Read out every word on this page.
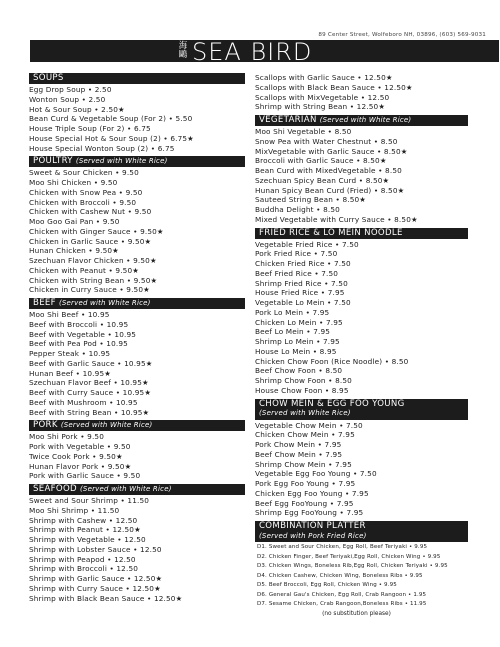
89 Center Street, Wolfeboro NH, 03896, (603) 569-9031
海鷗 SEA BIRD
SOUPS
Egg Drop Soup • 2.50
Wonton Soup • 2.50
Hot & Sour Soup • 2.50★
Bean Curd & Vegetable Soup (For 2) • 5.50
House Triple Soup (For 2) • 6.75
House Special Hot & Sour Soup (2) • 6.75★
House Special Wonton Soup (2) • 6.75
POULTRY (Served with White Rice)
Sweet & Sour Chicken • 9.50
Moo Shi Chicken • 9.50
Chicken with Snow Pea • 9.50
Chicken with Broccoli • 9.50
Chicken with Cashew Nut • 9.50
Moo Goo Gai Pan • 9.50
Chicken with Ginger Sauce • 9.50★
Chicken in Garlic Sauce • 9.50★
Hunan Chicken • 9.50★
Szechuan Flavor Chicken • 9.50★
Chicken with Peanut • 9.50★
Chicken with String Bean • 9.50★
Chicken in Curry Sauce • 9.50★
BEEF (Served with White Rice)
Moo Shi Beef • 10.95
Beef with Broccoli • 10.95
Beef with Vegetable • 10.95
Beef with Pea Pod • 10.95
Pepper Steak • 10.95
Beef with Garlic Sauce • 10.95★
Hunan Beef • 10.95★
Szechuan Flavor Beef • 10.95★
Beef with Curry Sauce • 10.95★
Beef with Mushroom • 10.95
Beef with String Bean • 10.95★
PORK (Served with White Rice)
Moo Shi Pork • 9.50
Pork with Vegetable • 9.50
Twice Cook Pork • 9.50★
Hunan Flavor Pork • 9.50★
Pork with Garlic Sauce • 9.50
SEAFOOD (Served with White Rice)
Sweet and Sour Shrimp • 11.50
Moo Shi Shrimp • 11.50
Shrimp with Cashew • 12.50
Shrimp with Peanut • 12.50★
Shrimp with Vegetable • 12.50
Shrimp with Lobster Sauce • 12.50
Shrimp with Peapod • 12.50
Shrimp with Broccoli • 12.50
Shrimp with Garlic Sauce • 12.50★
Shrimp with Curry Sauce • 12.50★
Shrimp with Black Bean Sauce • 12.50★
Scallops with Garlic Sauce • 12.50★
Scallops with Black Bean Sauce • 12.50★
Scallops with MixVegetable • 12.50
Shrimp with String Bean • 12.50★
VEGETARIAN (Served with White Rice)
Moo Shi Vegetable • 8.50
Snow Pea with Water Chestnut • 8.50
MixVegetable with Garlic Sauce • 8.50★
Broccoli with Garlic Sauce • 8.50★
Bean Curd with MixedVegetable • 8.50
Szechuan Spicy Bean Curd • 8.50★
Hunan Spicy Bean Curd (Fried) • 8.50★
Sauteed String Bean • 8.50★
Buddha Delight • 8.50
Mixed Vegetable with Curry Sauce • 8.50★
FRIED RICE & LO MEIN NOODLE
Vegetable Fried Rice • 7.50
Pork Fried Rice • 7.50
Chicken Fried Rice • 7.50
Beef Fried Rice • 7.50
Shrimp Fried Rice • 7.50
House Fried Rice • 7.95
Vegetable Lo Mein • 7.50
Pork Lo Mein • 7.95
Chicken Lo Mein • 7.95
Beef Lo Mein • 7.95
Shrimp Lo Mein • 7.95
House Lo Mein • 8.95
Chicken Chow Foon (Rice Noodle) • 8.50
Beef Chow Foon • 8.50
Shrimp Chow Foon • 8.50
House Chow Foon • 8.95
CHOW MEIN & EGG FOO YOUNG
(Served with White Rice)
Vegetable Chow Mein • 7.50
Chicken Chow Mein • 7.95
Pork Chow Mein • 7.95
Beef Chow Mein • 7.95
Shrimp Chow Mein • 7.95
Vegetable Egg Foo Young • 7.50
Pork Egg Foo Young • 7.95
Chicken Egg Foo Young • 7.95
Beef Egg FooYoung • 7.95
Shrimp Egg FooYoung • 7.95
COMBINATION PLATTER
(Served with Pork Fried Rice)
D1. Sweet and Sour Chicken, Egg Roll, Beef Teriyaki • 9.95
D2. Chicken Finger, Beef Teriyaki,Egg Roll, Chicken Wing • 9.95
D3. Chicken Wings, Boneless Rib,Egg Roll, Chicken Teriyaki • 9.95
D4. Chicken Cashew, Chicken Wing, Boneless Ribs • 9.95
D5. Beef Broccoli, Egg Roll, Chicken Wing • 9.95
D6. General Gau's Chicken, Egg Roll, Crab Rangoon • 1.95
D7. Sesame Chicken, Crab Rangoon,Boneless Ribs • 11.95
(no substitution please)
